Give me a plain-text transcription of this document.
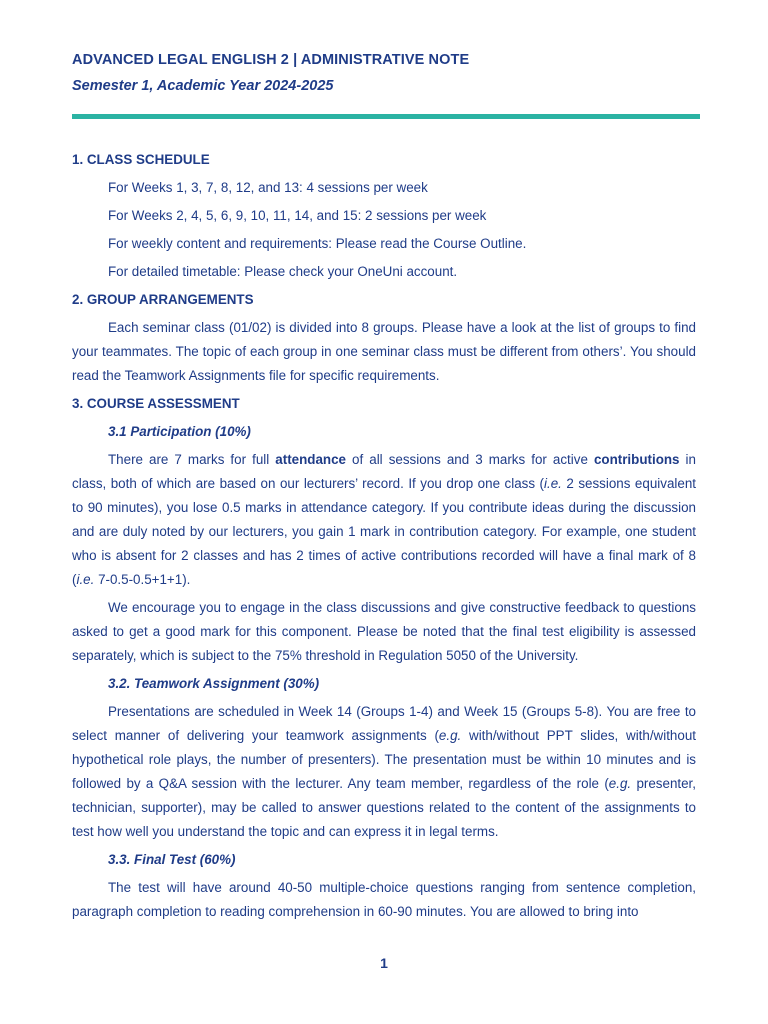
ADVANCED LEGAL ENGLISH 2 | ADMINISTRATIVE NOTE
Semester 1, Academic Year 2024-2025
1. CLASS SCHEDULE
For Weeks 1, 3, 7, 8, 12, and 13: 4 sessions per week
For Weeks 2, 4, 5, 6, 9, 10, 11, 14, and 15: 2 sessions per week
For weekly content and requirements: Please read the Course Outline.
For detailed timetable: Please check your OneUni account.
2. GROUP ARRANGEMENTS
Each seminar class (01/02) is divided into 8 groups. Please have a look at the list of groups to find your teammates. The topic of each group in one seminar class must be different from others’. You should read the Teamwork Assignments file for specific requirements.
3. COURSE ASSESSMENT
3.1 Participation (10%)
There are 7 marks for full attendance of all sessions and 3 marks for active contributions in class, both of which are based on our lecturers’ record. If you drop one class (i.e. 2 sessions equivalent to 90 minutes), you lose 0.5 marks in attendance category. If you contribute ideas during the discussion and are duly noted by our lecturers, you gain 1 mark in contribution category. For example, one student who is absent for 2 classes and has 2 times of active contributions recorded will have a final mark of 8 (i.e. 7-0.5-0.5+1+1).
We encourage you to engage in the class discussions and give constructive feedback to questions asked to get a good mark for this component. Please be noted that the final test eligibility is assessed separately, which is subject to the 75% threshold in Regulation 5050 of the University.
3.2. Teamwork Assignment (30%)
Presentations are scheduled in Week 14 (Groups 1-4) and Week 15 (Groups 5-8). You are free to select manner of delivering your teamwork assignments (e.g. with/without PPT slides, with/without hypothetical role plays, the number of presenters). The presentation must be within 10 minutes and is followed by a Q&A session with the lecturer. Any team member, regardless of the role (e.g. presenter, technician, supporter), may be called to answer questions related to the content of the assignments to test how well you understand the topic and can express it in legal terms.
3.3. Final Test (60%)
The test will have around 40-50 multiple-choice questions ranging from sentence completion, paragraph completion to reading comprehension in 60-90 minutes. You are allowed to bring into
1
